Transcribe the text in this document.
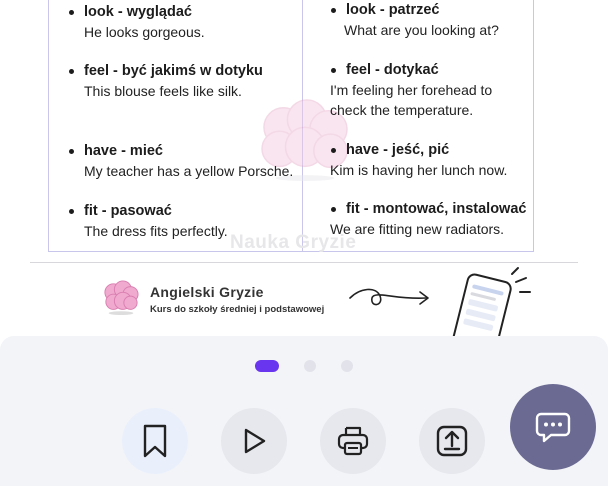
look - wyglądać
He looks gorgeous.
feel - być jakimś w dotyku
This blouse feels like silk.
have - mieć
My teacher has a yellow Porsche.
fit - pasować
The dress fits perfectly.
look - patrzeć
What are you looking at?
feel - dotykać
I'm feeling her forehead to
check the temperature.
have - jeść, pić
Kim is having her lunch now.
fit - montować, instalować
We are fitting new radiators.
Nauka Gryzie
Angielski Gryzie
Kurs do szkoły średniej i podstawowej
